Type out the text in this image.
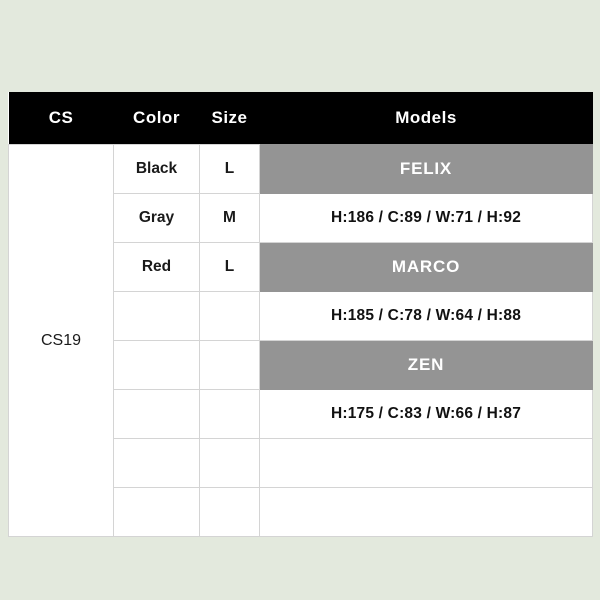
CS	Color	Size	Models
CS19	Black	L	FELIX
	Gray	M	H:186 / C:89 / W:71 / H:92
	Red	L	MARCO
			H:185 / C:78 / W:64 / H:88
			ZEN
			H:175 / C:83 / W:66 / H:87
